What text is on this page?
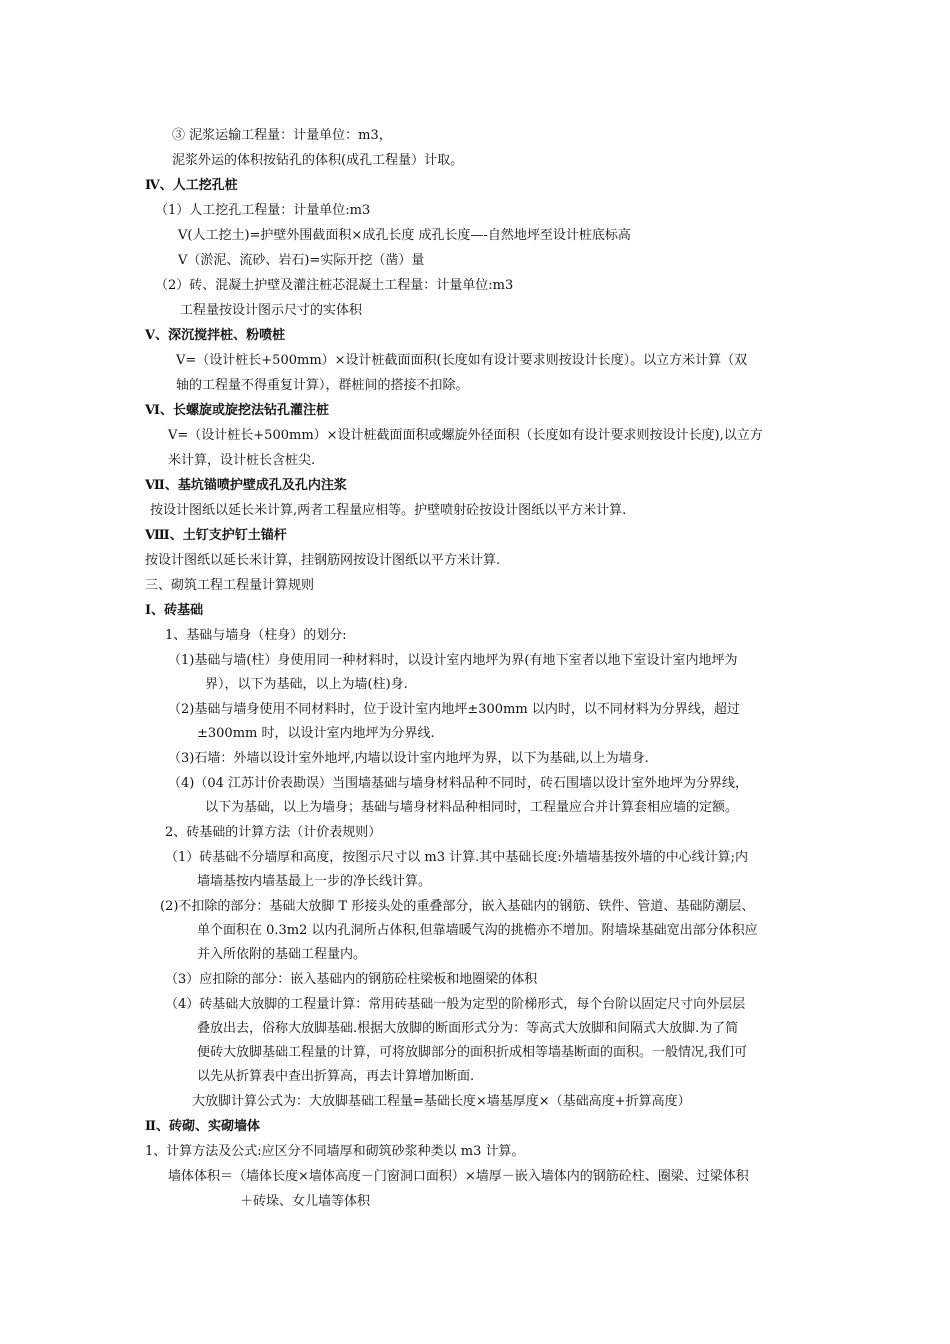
③ 泥浆运输工程量：计量单位：m3，
泥浆外运的体积按钻孔的体积(成孔工程量）计取。
Ⅳ、人工挖孔桩
（1）人工挖孔工程量：计量单位:m3
V(人工挖土)=护壁外围截面积×成孔长度 成孔长度—-自然地坪至设计桩底标高
V（淤泥、流砂、岩石)=实际开挖（凿）量
（2）砖、混凝土护壁及灌注桩芯混凝土工程量：计量单位:m3
工程量按设计图示尺寸的实体积
Ⅴ、深沉搅拌桩、粉喷桩
V=（设计桩长+500mm）×设计桩截面面积(长度如有设计要求则按设计长度）。以立方米计算（双
轴的工程量不得重复计算），群桩间的搭接不扣除。
Ⅵ、长螺旋或旋挖法钻孔灌注桩
V=（设计桩长+500mm）×设计桩截面面积或螺旋外径面积（长度如有设计要求则按设计长度),以立方
米计算，设计桩长含桩尖.
Ⅶ、基坑锚喷护壁成孔及孔内注浆
按设计图纸以延长米计算,两者工程量应相等。护壁喷射砼按设计图纸以平方米计算.
Ⅷ、土钉支护钉土锚杆
按设计图纸以延长米计算，挂钢筋网按设计图纸以平方米计算.
三、砌筑工程工程量计算规则
Ⅰ、砖基础
1、基础与墙身（柱身）的划分:
（1)基础与墙(柱）身使用同一种材料时，以设计室内地坪为界(有地下室者以地下室设计室内地坪为
界），以下为基础，以上为墙(柱)身.
（2)基础与墙身使用不同材料时，位于设计室内地坪±300mm 以内时，以不同材料为分界线，超过
±300mm 时，以设计室内地坪为分界线.
（3)石墙：外墙以设计室外地坪,内墙以设计室内地坪为界，以下为基础,以上为墙身.
（4)（04 江苏计价表勘误）当围墙基础与墙身材料品种不同时，砖石围墙以设计室外地坪为分界线，
以下为基础，以上为墙身；基础与墙身材料品种相同时，工程量应合并计算套相应墙的定额。
2、砖基础的计算方法（计价表规则）
（1）砖基础不分墙厚和高度，按图示尺寸以 m3 计算.其中基础长度:外墙墙基按外墙的中心线计算;内
墙墙基按内墙基最上一步的净长线计算。
(2)不扣除的部分：基础大放脚 T 形接头处的重叠部分，嵌入基础内的钢筋、铁件、管道、基础防潮层、
单个面积在 0.3m2 以内孔洞所占体积,但靠墙暖气沟的挑檐亦不增加。附墙垛基础宽出部分体积应
并入所依附的基础工程量内。
（3）应扣除的部分：嵌入基础内的钢筋砼柱梁板和地圈梁的体积
（4）砖基础大放脚的工程量计算：常用砖基础一般为定型的阶梯形式，每个台阶以固定尺寸向外层层
叠放出去，俗称大放脚基础.根据大放脚的断面形式分为：等高式大放脚和间隔式大放脚.为了简
便砖大放脚基础工程量的计算，可将放脚部分的面积折成相等墙基断面的面积。一般情况,我们可
以先从折算表中查出折算高，再去计算增加断面.
大放脚计算公式为：大放脚基础工程量=基础长度×墙基厚度×（基础高度+折算高度）
Ⅱ、砖砌、实砌墙体
1、计算方法及公式:应区分不同墙厚和砌筑砂浆种类以 m3 计算。
墙体体积＝（墙体长度×墙体高度－门窗洞口面积）×墙厚－嵌入墙体内的钢筋砼柱、圈梁、过梁体积
＋砖垛、女儿墙等体积
